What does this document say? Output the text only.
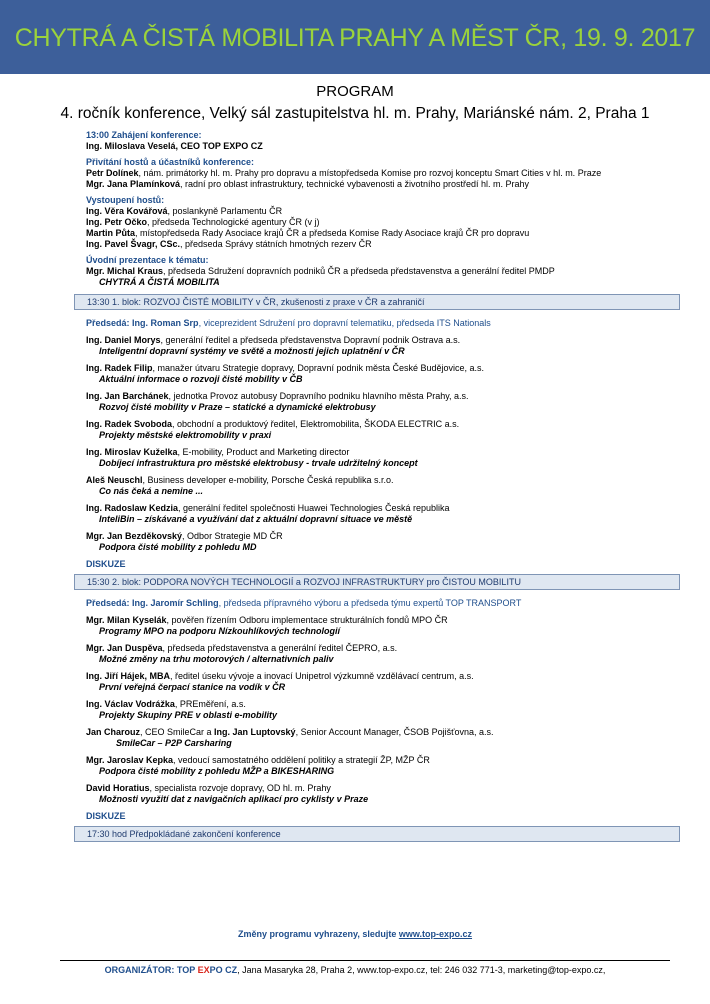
CHYTRÁ A ČISTÁ MOBILITA PRAHY A MĚST ČR, 19. 9. 2017
PROGRAM
4. ročník konference, Velký sál zastupitelstva hl. m. Prahy, Mariánské nám. 2, Praha 1
13:00 Zahájení konference:
Ing. Miloslava Veselá, CEO TOP EXPO CZ
Přivítání hostů a účastníků konference:
Petr Dolínek, nám. primátorky hl. m. Prahy pro dopravu a místopředseda Komise pro rozvoj konceptu Smart Cities v hl. m. Praze
Mgr. Jana Plamínková, radní pro oblast infrastruktury, technické vybavenosti a životního prostředí hl. m. Prahy
Vystoupení hostů:
Ing. Věra Kovářová, poslankyně Parlamentu ČR
Ing. Petr Očko, předseda Technologické agentury ČR (v j)
Martin Půta, místopředseda Rady Asociace krajů ČR a předseda Komise Rady Asociace krajů ČR pro dopravu
Ing. Pavel Švagr, CSc., předseda Správy státních hmotných rezerv ČR
Úvodní prezentace k tématu:
Mgr. Michal Kraus, předseda Sdružení dopravních podniků ČR a předseda představenstva a generální ředitel PMDP
CHYTRÁ A ČISTÁ MOBILITA
13:30 1. blok: ROZVOJ ČISTÉ MOBILITY v ČR, zkušenosti z praxe v ČR a zahraničí
Předsedá: Ing. Roman Srp, viceprezident Sdružení pro dopravní telematiku, předseda ITS Nationals
Ing. Daniel Morys, generální ředitel a předseda představenstva Dopravní podnik Ostrava a.s.
Inteligentní dopravní systémy ve světě a možnosti jejich uplatnění v ČR
Ing. Radek Filip, manažer útvaru Strategie dopravy, Dopravní podnik města České Budějovice, a.s.
Aktuální informace o rozvoji čisté mobility v ČB
Ing. Jan Barchánek, jednotka Provoz autobusy Dopravního podniku hlavního města Prahy, a.s.
Rozvoj čisté mobility v Praze – statické a dynamické elektrobusy
Ing. Radek Svoboda, obchodní a produktový ředitel, Elektromobilita, ŠKODA ELECTRIC a.s.
Projekty městské elektromobility v praxi
Ing. Miroslav Kuželka, E-mobility, Product and Marketing director
Dobíjecí infrastruktura pro městské elektrobusy - trvale udržitelný koncept
Aleš Neuschl, Business developer e-mobility, Porsche Česká republika s.r.o.
Co nás čeká a nemine ...
Ing. Radoslaw Kedzia, generální ředitel společnosti Huawei Technologies Česká republika
InteliBin – získávané a využívání dat z aktuální dopravní situace ve městě
Mgr. Jan Bezděkovský, Odbor Strategie MD ČR
Podpora čisté mobility z pohledu MD
DISKUZE
15:30 2. blok: PODPORA NOVÝCH TECHNOLOGIÍ a ROZVOJ INFRASTRUKTURY pro ČISTOU MOBILITU
Předsedá: Ing. Jaromír Schling, předseda přípravného výboru a předseda týmu expertů TOP TRANSPORT
Mgr. Milan Kyselák, pověřen řízením Odboru implementace strukturálních fondů MPO ČR
Programy MPO na podporu Nízkouhlíkových technologií
Mgr. Jan Duspěva, předseda představenstva a generální ředitel ČEPRO, a.s.
Možné změny na trhu motorových / alternativních paliv
Ing. Jiří Hájek, MBA, ředitel úseku vývoje a inovací Unipetrol výzkumně vzdělávací centrum, a.s.
První veřejná čerpací stanice na vodík v ČR
Ing. Václav Vodrážka, PREměření, a.s.
Projekty Skupiny PRE v oblasti e-mobility
Jan Charouz, CEO SmileCar a Ing. Jan Luptovský, Senior Account Manager, ČSOB Pojišťovna, a.s.
SmileCar – P2P Carsharing
Mgr. Jaroslav Kepka, vedoucí samostatného oddělení politiky a strategií ŽP, MŽP ČR
Podpora čisté mobility z pohledu MŽP a BIKESHARING
David Horatius, specialista rozvoje dopravy, OD hl. m. Prahy
Možnosti využití dat z navigačních aplikací pro cyklisty v Praze
DISKUZE
17:30 hod Předpokládané zakončení konference
Změny programu vyhrazeny, sledujte www.top-expo.cz
ORGANIZÁTOR: TOP EXPO CZ, Jana Masaryka 28, Praha 2, www.top-expo.cz, tel: 246 032 771-3, marketing@top-expo.cz,
